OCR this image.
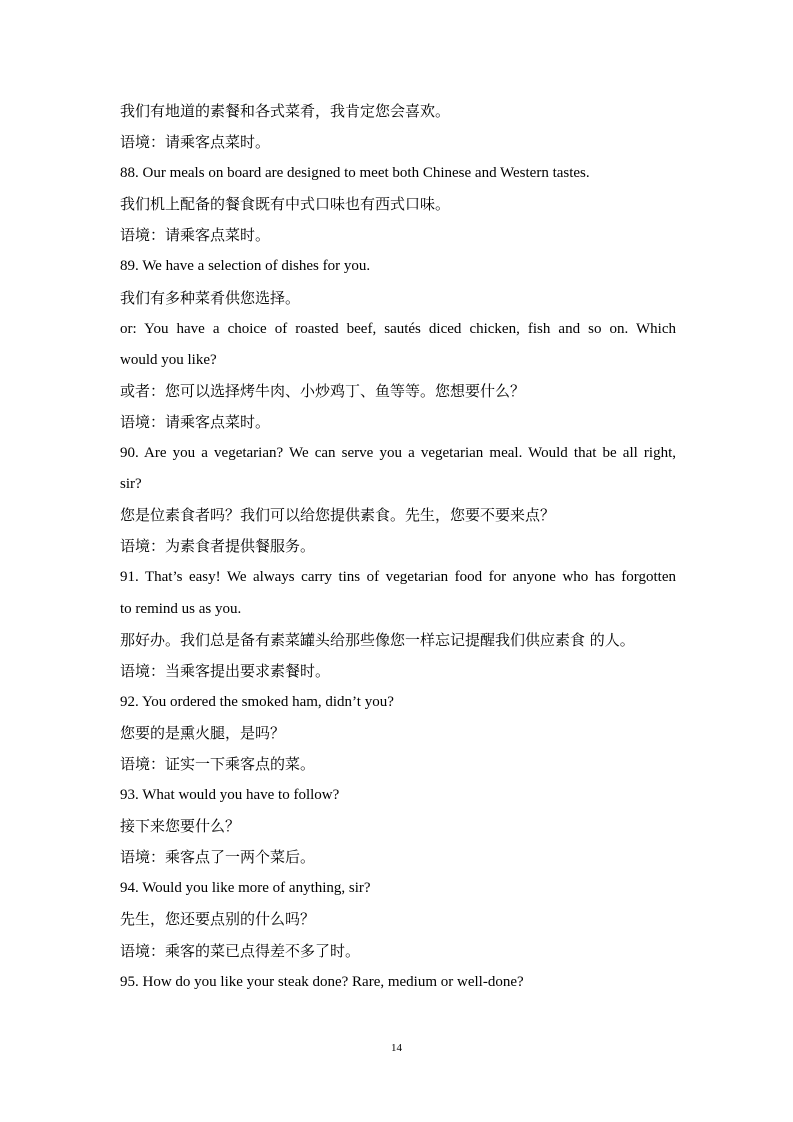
我们有地道的素餐和各式菜肴，我肯定您会喜欢。
语境：请乘客点菜时。
88. Our meals on board are designed to meet both Chinese and Western tastes.
我们机上配备的餐食既有中式口味也有西式口味。
语境：请乘客点菜时。
89. We have a selection of dishes for you.
我们有多种菜肴供您选择。
or: You have a choice of roasted beef, sautés diced chicken, fish and so on. Which
would you like?
或者：您可以选择烤牛肉、小炒鸡丁、鱼等等。您想要什么？
语境：请乘客点菜时。
90. Are you a vegetarian? We can serve you a vegetarian meal. Would that be all right,
sir?
您是位素食者吗？我们可以给您提供素食。先生，您要不要来点？
语境：为素食者提供餐服务。
91. That’s easy! We always carry tins of vegetarian food for anyone who has forgotten
to remind us as you.
那好办。我们总是备有素菜罐头给那些像您一样忘记提醒我们供应素食 的人。
语境：当乘客提出要求素餐时。
92. You ordered the smoked ham, didn’t you?
您要的是熏火腿，是吗？
语境：证实一下乘客点的菜。
93. What would you have to follow?
接下来您要什么？
语境：乘客点了一两个菜后。
94. Would you like more of anything, sir?
先生，您还要点别的什么吗？
语境：乘客的菜已点得差不多了时。
95. How do you like your steak done? Rare, medium or well-done?
14
